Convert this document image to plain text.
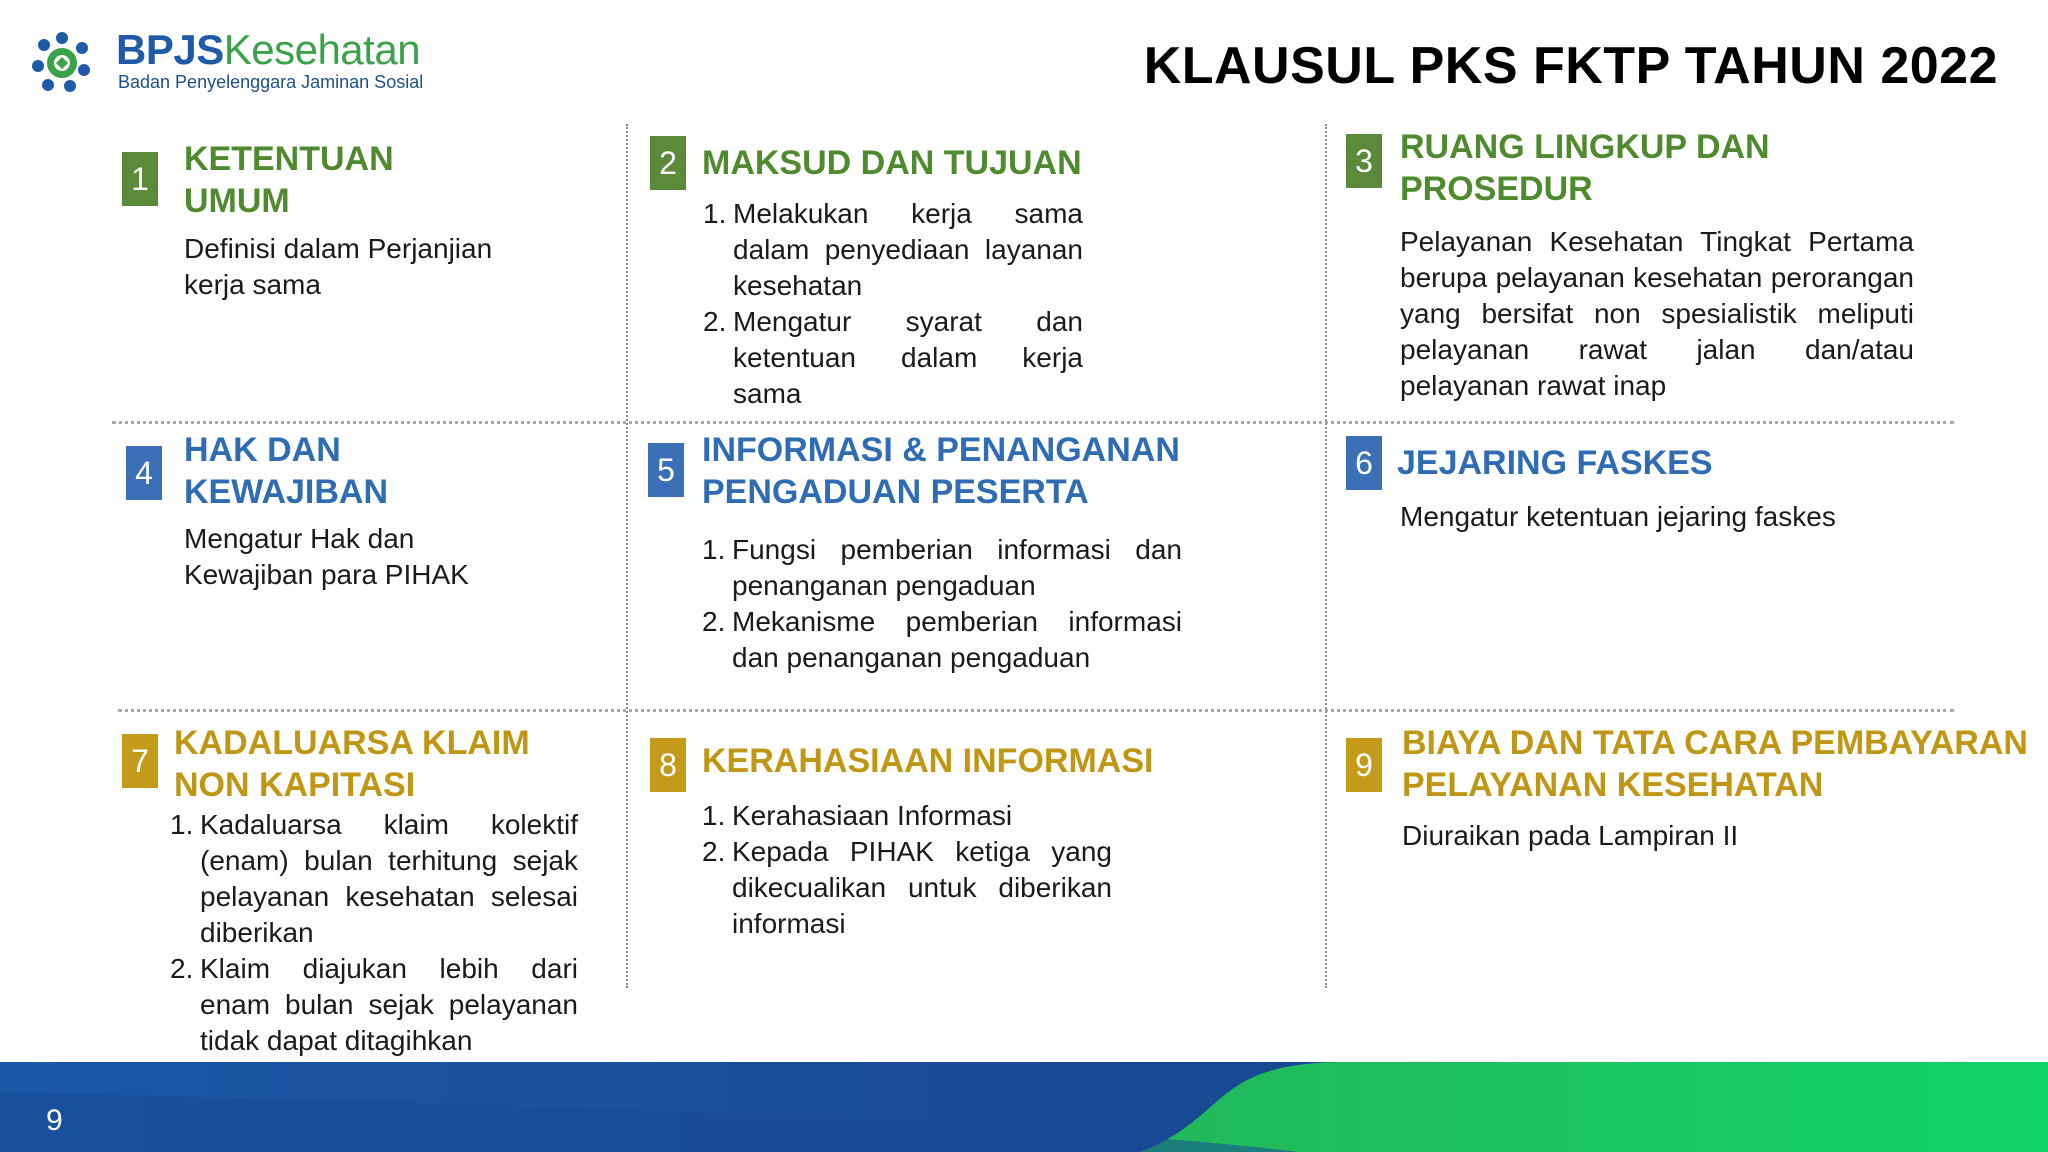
BPJSKesehatan
Badan Penyelenggara Jaminan Sosial	KLAUSUL PKS FKTP TAHUN 2022
1
KETENTUAN UMUM
Definisi dalam Perjanjian kerja sama
2 MAKSUD DAN TUJUAN
1. Melakukan kerja sama dalam penyediaan layanan kesehatan
2. Mengatur syarat dan ketentuan dalam kerja sama
3 RUANG LINGKUP DAN PROSEDUR
Pelayanan Kesehatan Tingkat Pertama berupa pelayanan kesehatan perorangan yang bersifat non spesialistik meliputi pelayanan rawat jalan dan/atau pelayanan rawat inap
4
HAK DAN KEWAJIBAN
Mengatur Hak dan Kewajiban para PIHAK
5
INFORMASI & PENANGANAN PENGADUAN PESERTA
1. Fungsi pemberian informasi dan penanganan pengaduan
2. Mekanisme pemberian informasi dan penanganan pengaduan
6 JEJARING FASKES
Mengatur ketentuan jejaring faskes
7 KADALUARSA KLAIM NON KAPITASI
1. Kadaluarsa klaim kolektif (enam) bulan terhitung sejak pelayanan kesehatan selesai diberikan
2. Klaim diajukan lebih dari enam bulan sejak pelayanan tidak dapat ditagihkan
8 KERAHASIAAN INFORMASI
1. Kerahasiaan Informasi
2. Kepada PIHAK ketiga yang dikecualikan untuk diberikan informasi
9
BIAYA DAN TATA CARA PEMBAYARAN PELAYANAN KESEHATAN
Diuraikan pada Lampiran II
9
